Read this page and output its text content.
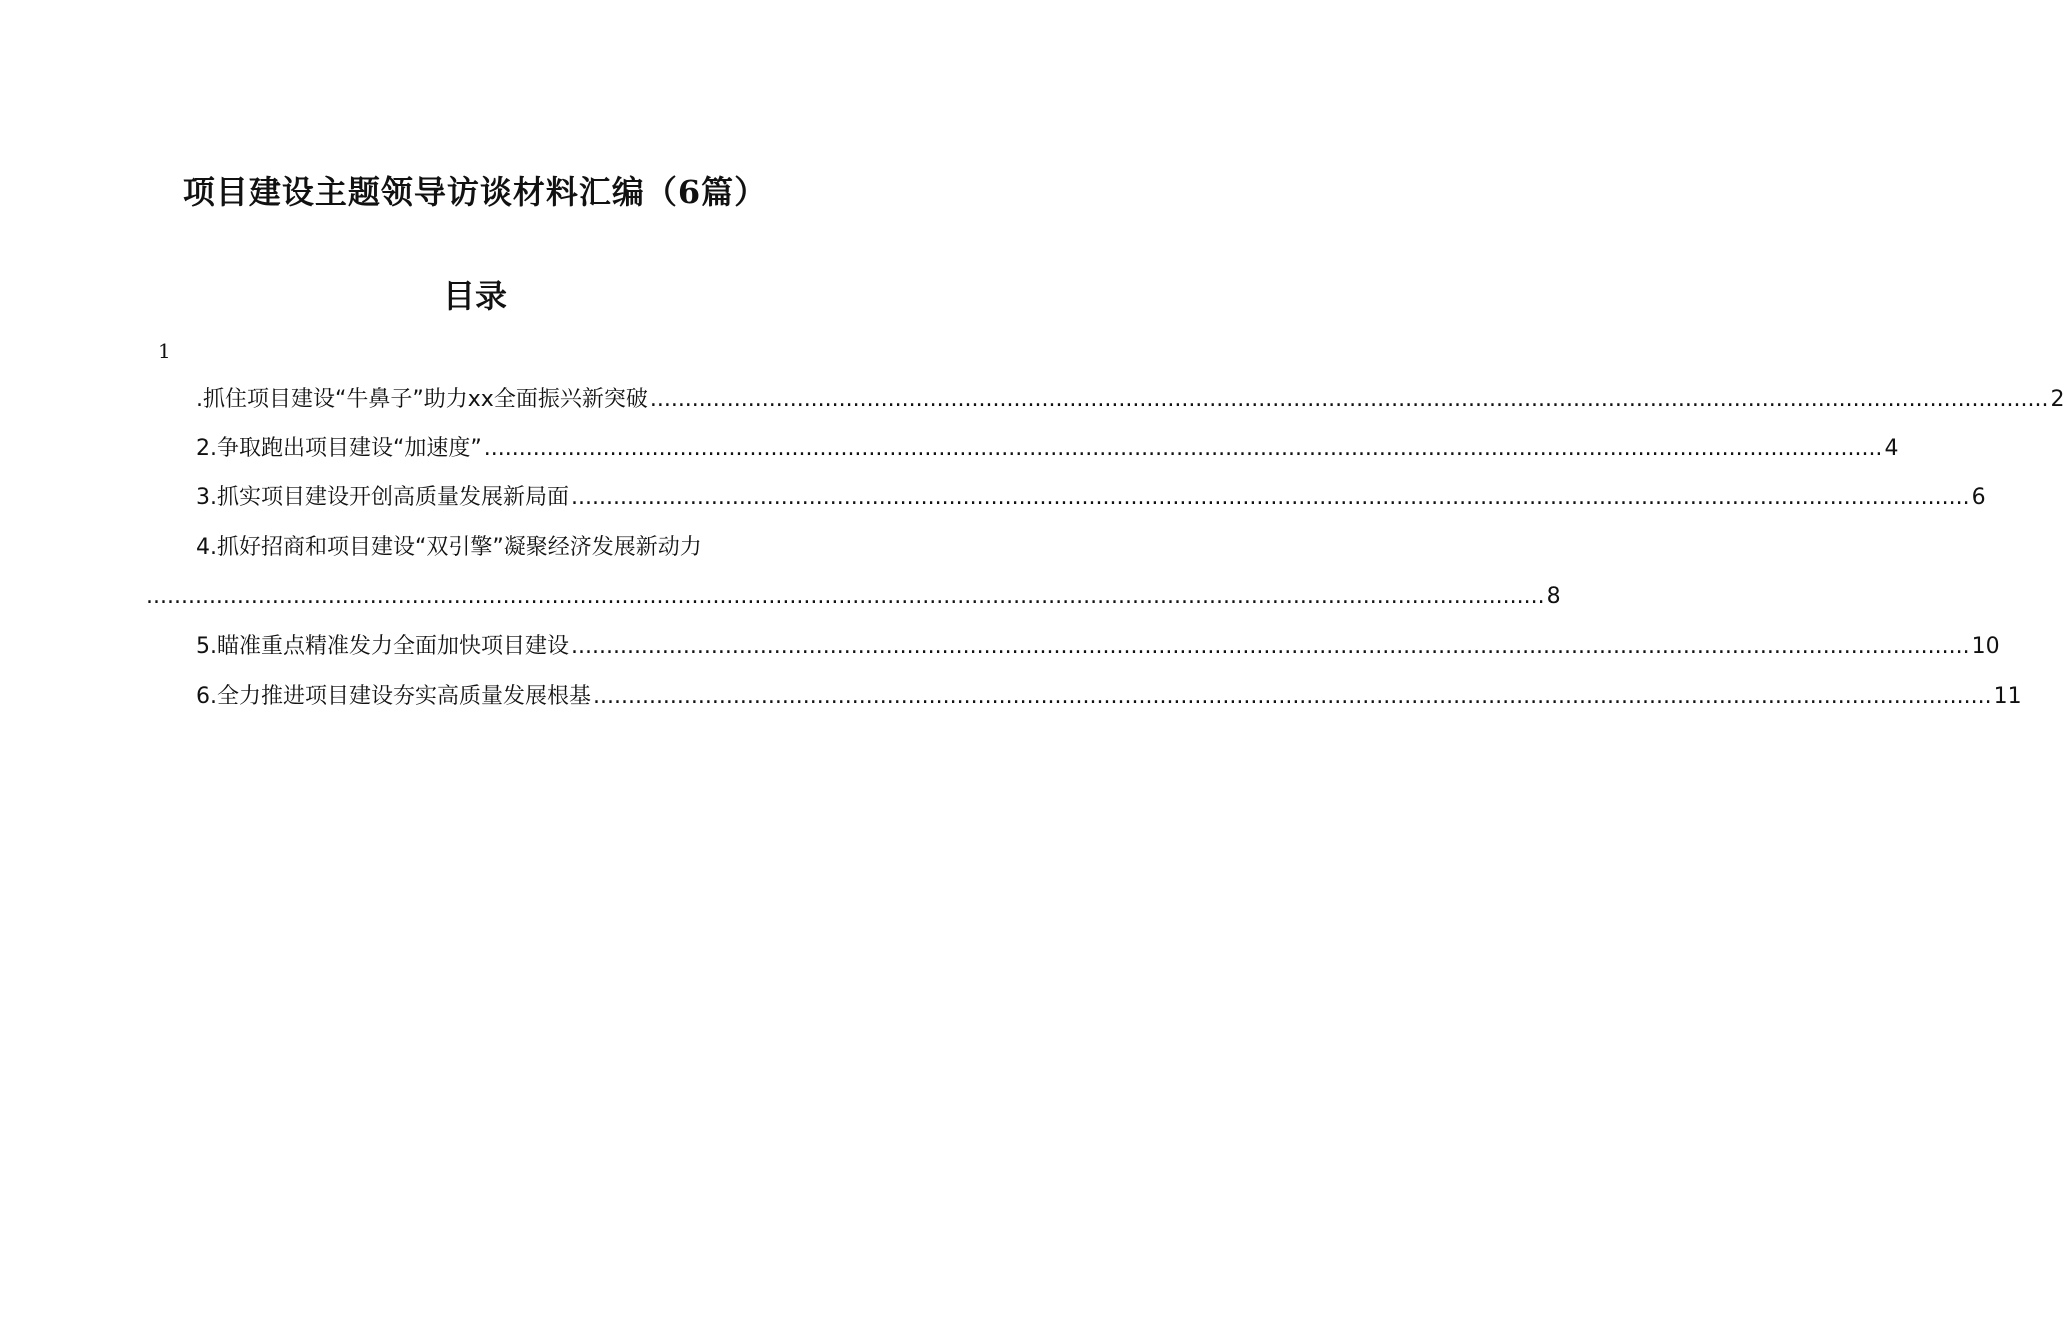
项目建设主题领导访谈材料汇编（6篇）
目录
1
.抓住项目建设“牛鼻子”助力xx全面振兴新突破 ........................................................................................................................................................................................................ 2
2.争取跑出项目建设“加速度” ........................................................................................................................................................................................................ 4
3.抓实项目建设开创高质量发展新局面 ........................................................................................................................................................................................................ 6
4.抓好招商和项目建设“双引擎”凝聚经济发展新动力
........................................................................................................................................................................................................ 8
5.瞄准重点精准发力全面加快项目建设 ........................................................................................................................................................................................................ 10
6.全力推进项目建设夯实高质量发展根基 ........................................................................................................................................................................................................ 11
